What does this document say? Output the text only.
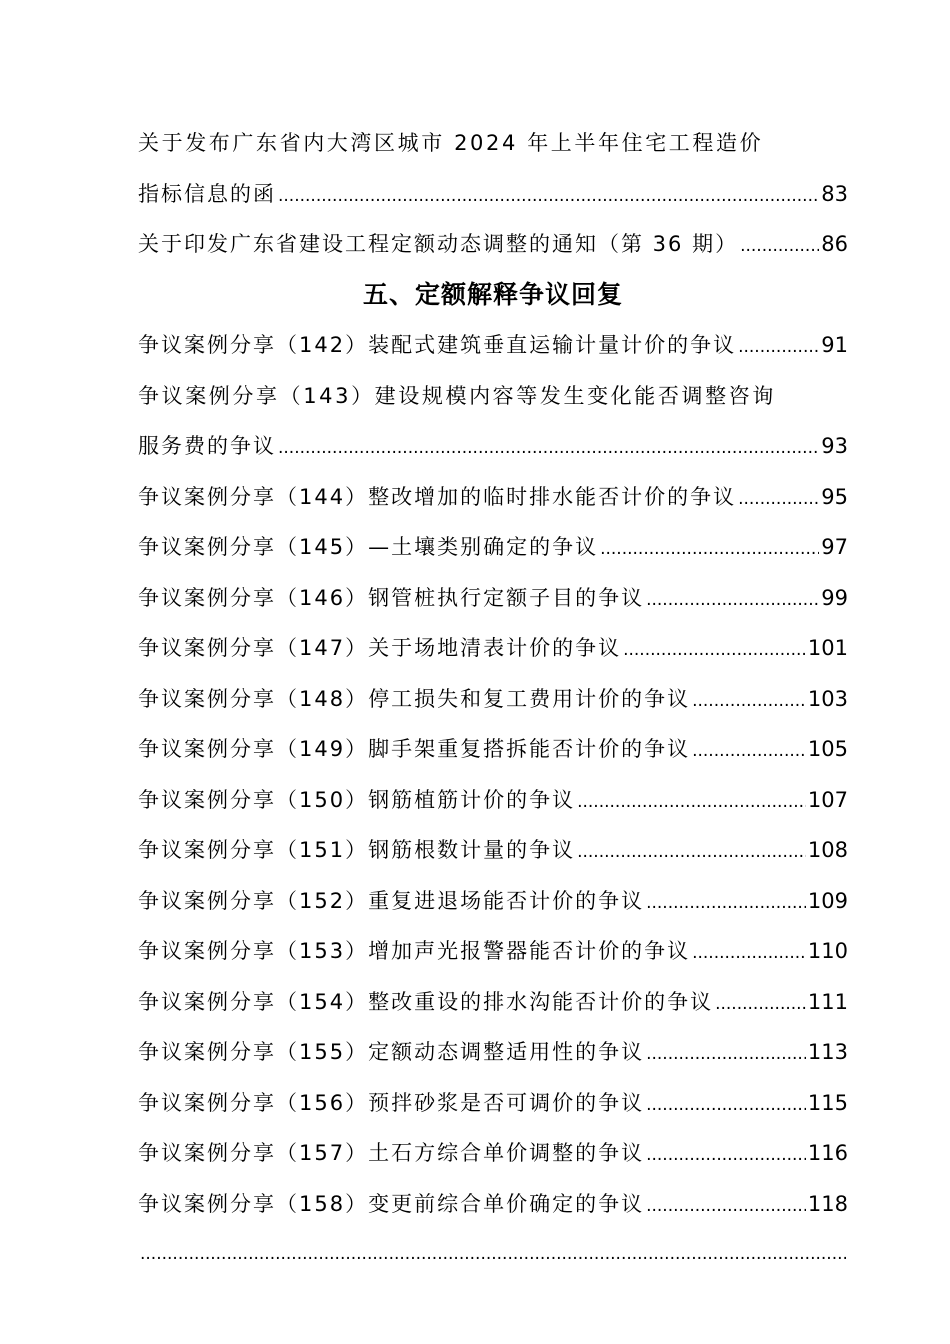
关于发布广东省内大湾区城市 2024 年上半年住宅工程造价
指标信息的函 .....	83
关于印发广东省建设工程定额动态调整的通知（第 36 期） .....	86
五、定额解释争议回复
争议案例分享（142）装配式建筑垂直运输计量计价的争议 .....	91
争议案例分享（143）建设规模内容等发生变化能否调整咨询
服务费的争议 .....	93
争议案例分享（144）整改增加的临时排水能否计价的争议 .....	95
争议案例分享（145）—土壤类别确定的争议 .....	97
争议案例分享（146）钢管桩执行定额子目的争议 .....	99
争议案例分享（147）关于场地清表计价的争议 .....	101
争议案例分享（148）停工损失和复工费用计价的争议 .....	103
争议案例分享（149）脚手架重复搭拆能否计价的争议 .....	105
争议案例分享（150）钢筋植筋计价的争议 .....	107
争议案例分享（151）钢筋根数计量的争议 .....	108
争议案例分享（152）重复进退场能否计价的争议 .....	109
争议案例分享（153）增加声光报警器能否计价的争议 .....	110
争议案例分享（154）整改重设的排水沟能否计价的争议 .....	111
争议案例分享（155）定额动态调整适用性的争议 .....	113
争议案例分享（156）预拌砂浆是否可调价的争议 .....	115
争议案例分享（157）土石方综合单价调整的争议 .....	116
争议案例分享（158）变更前综合单价确定的争议 .....	118
.....
